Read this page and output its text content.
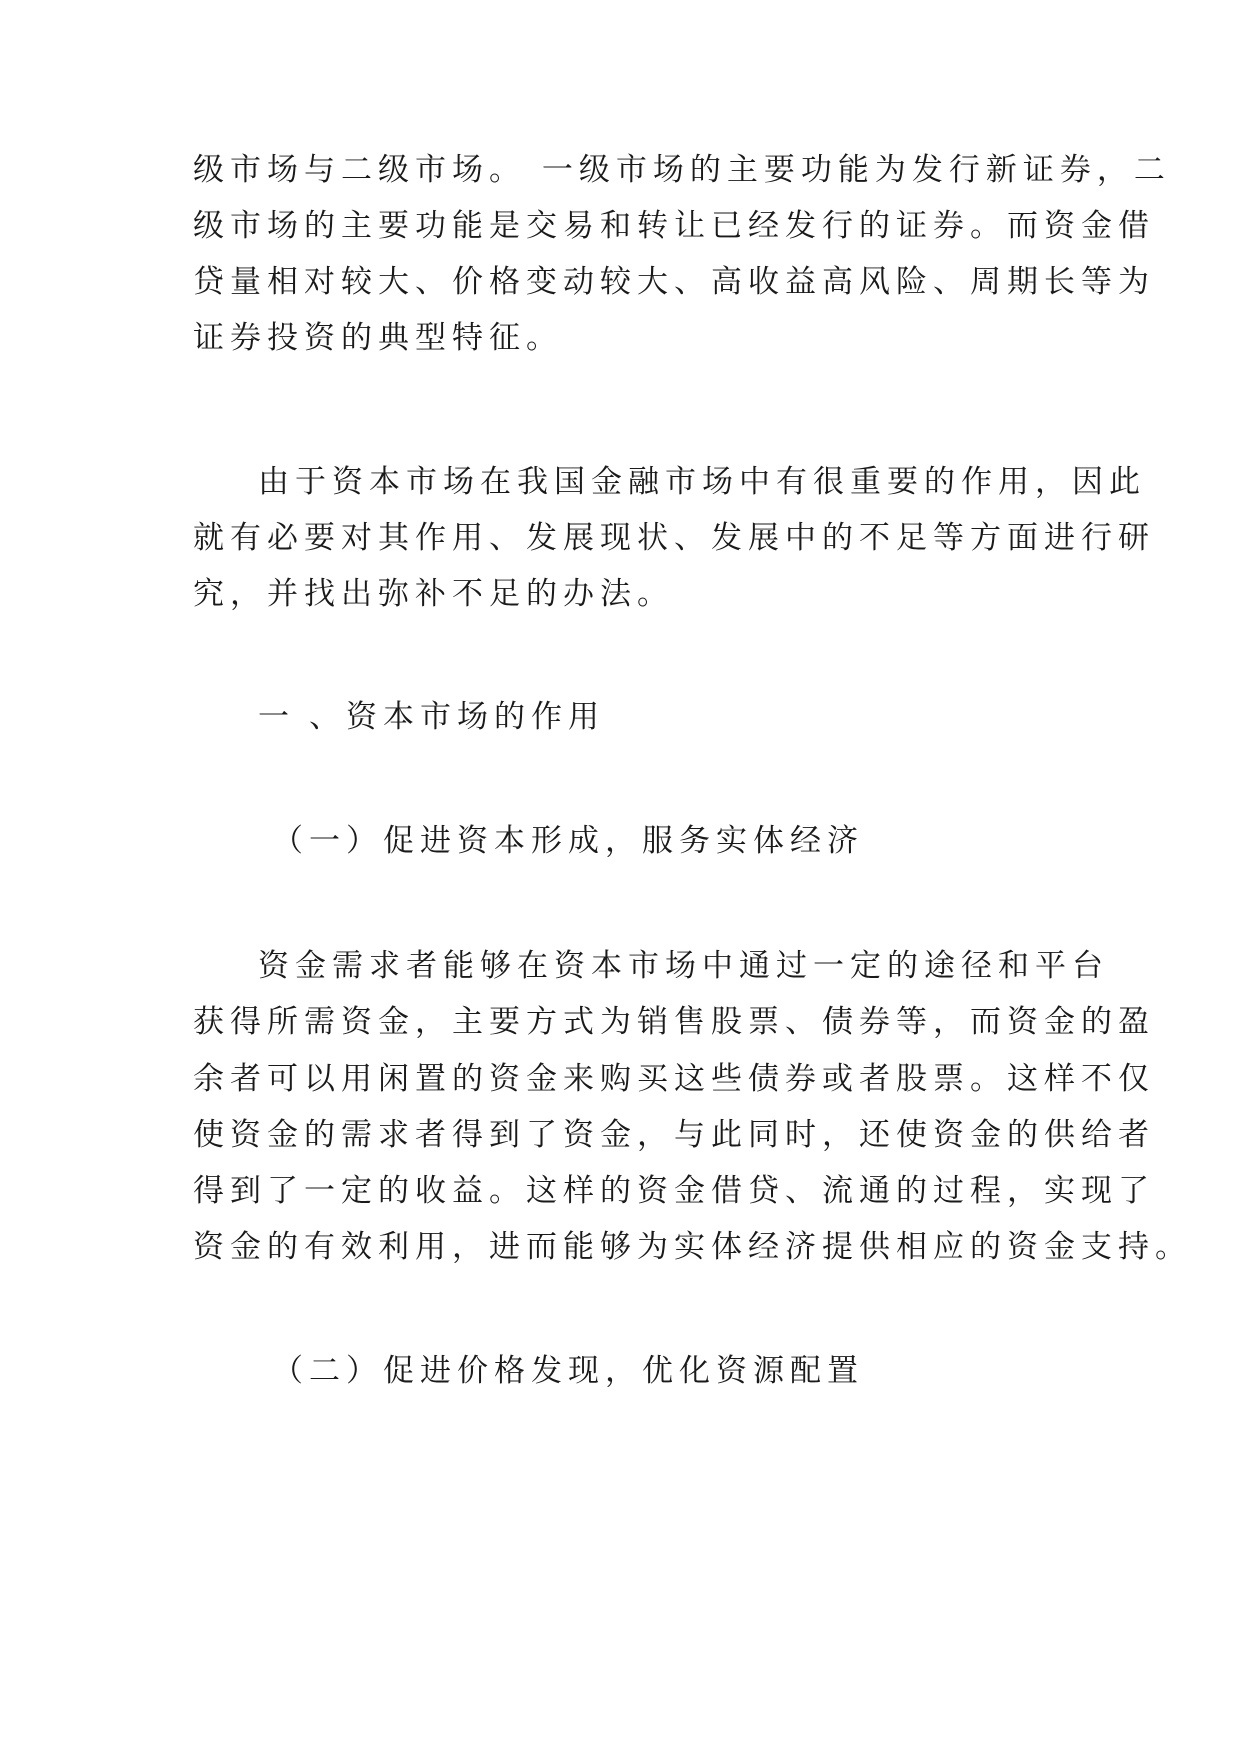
级市场与二级市场。 一级市场的主要功能为发行新证券，二
级市场的主要功能是交易和转让已经发行的证券。而资金借
贷量相对较大、价格变动较大、高收益高风险、周期长等为
证券投资的典型特征。
由于资本市场在我国金融市场中有很重要的作用，因此
就有必要对其作用、发展现状、发展中的不足等方面进行研
究，并找出弥补不足的办法。
一 、资本市场的作用
（一）促进资本形成，服务实体经济
资金需求者能够在资本市场中通过一定的途径和平台
获得所需资金，主要方式为销售股票、债券等，而资金的盈
余者可以用闲置的资金来购买这些债券或者股票。这样不仅
使资金的需求者得到了资金，与此同时，还使资金的供给者
得到了一定的收益。这样的资金借贷、流通的过程，实现了
资金的有效利用，进而能够为实体经济提供相应的资金支持。
（二）促进价格发现，优化资源配置
